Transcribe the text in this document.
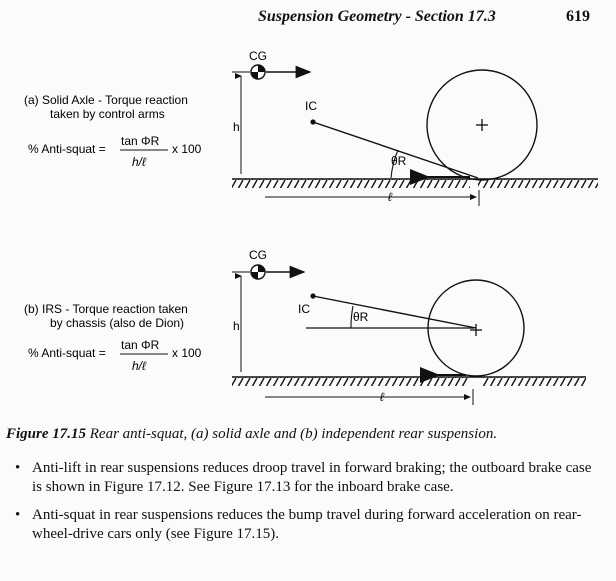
Suspension Geometry - Section 17.3	619
(a) Solid Axle - Torque reaction
taken by control arms
% Anti-squat =
tan ΦR
h/ℓ
x 100
CG
h
IC
θR
ℓ
(b) IRS - Torque reaction taken
by chassis (also de Dion)
% Anti-squat =
tan ΦR
h/ℓ
x 100
CG
h
IC
θR
ℓ
Figure 17.15 Rear anti-squat, (a) solid axle and (b) independent rear suspension.
• Anti-lift in rear suspensions reduces droop travel in forward braking; the outboard brake case is shown in Figure 17.12. See Figure 17.13 for the inboard brake case.
• Anti-squat in rear suspensions reduces the bump travel during forward acceleration on rear-wheel-drive cars only (see Figure 17.15).
